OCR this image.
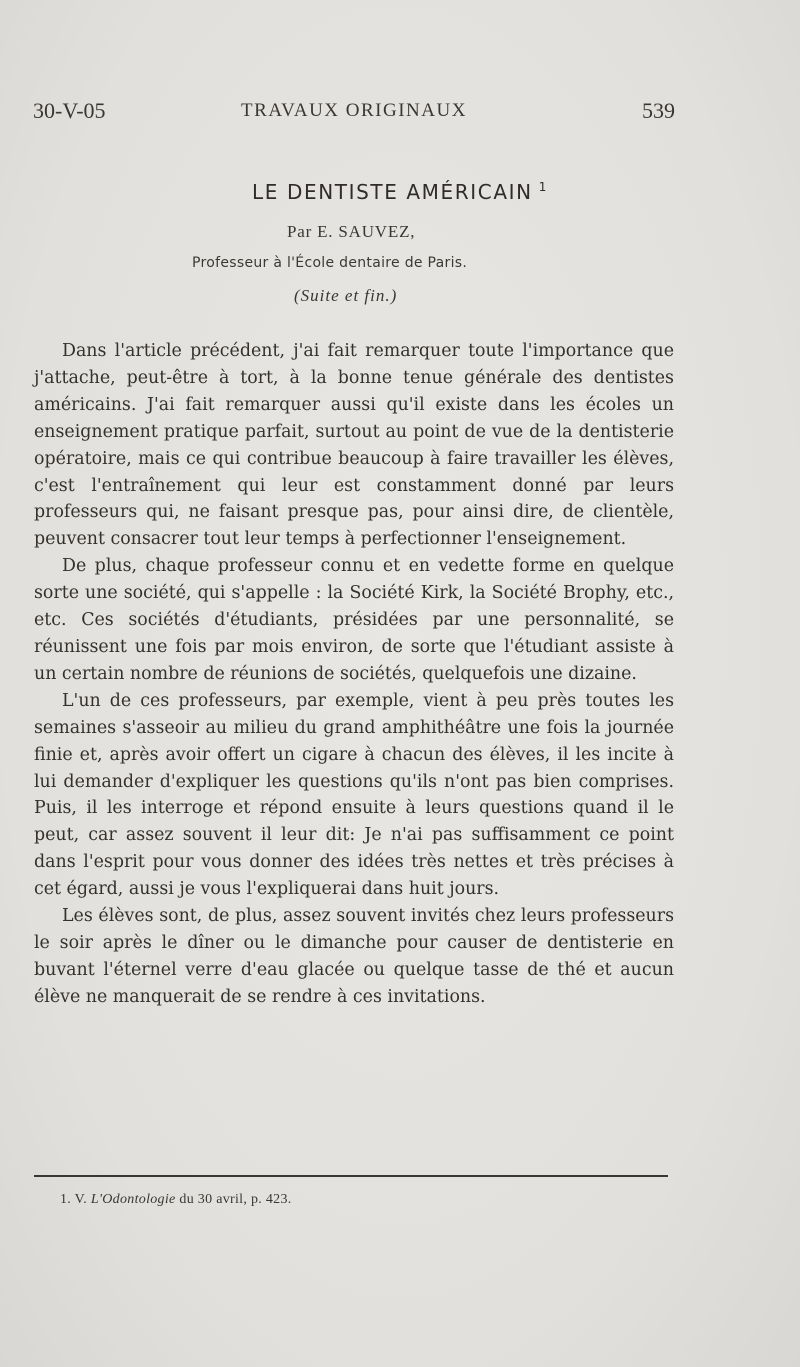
30-V-05	TRAVAUX ORIGINAUX	539
LE DENTISTE AMÉRICAIN $^1$
Par E. SAUVEZ,
Professeur à l'École dentaire de Paris.
(Suite et fin.)

Dans l'article précédent, j'ai fait remarquer toute l'importance que j'attache, peut-être à tort, à la bonne tenue générale des dentistes américains. J'ai fait remarquer aussi qu'il existe dans les écoles un enseignement pratique parfait, surtout au point de vue de la dentisterie opératoire, mais ce qui contribue beaucoup à faire travailler les élèves, c'est l'entraînement qui leur est constamment donné par leurs professeurs qui, ne faisant presque pas, pour ainsi dire, de clientèle, peuvent consacrer tout leur temps à perfectionner l'enseignement.

De plus, chaque professeur connu et en vedette forme en quelque sorte une société, qui s'appelle : la Société Kirk, la Société Brophy, etc., etc. Ces sociétés d'étudiants, présidées par une personnalité, se réunissent une fois par mois environ, de sorte que l'étudiant assiste à un certain nombre de réunions de sociétés, quelquefois une dizaine.

L'un de ces professeurs, par exemple, vient à peu près toutes les semaines s'asseoir au milieu du grand amphithéâtre une fois la journée finie et, après avoir offert un cigare à chacun des élèves, il les incite à lui demander d'expliquer les questions qu'ils n'ont pas bien comprises. Puis, il les interroge et répond ensuite à leurs questions quand il le peut, car assez souvent il leur dit: Je n'ai pas suffisamment ce point dans l'esprit pour vous donner des idées très nettes et très précises à cet égard, aussi je vous l'expliquerai dans huit jours.

Les élèves sont, de plus, assez souvent invités chez leurs professeurs le soir après le dîner ou le dimanche pour causer de dentisterie en buvant l'éternel verre d'eau glacée ou quelque tasse de thé et aucun élève ne manquerait de se rendre à ces invitations.

1. V. L'Odontologie du 30 avril, p. 423.
